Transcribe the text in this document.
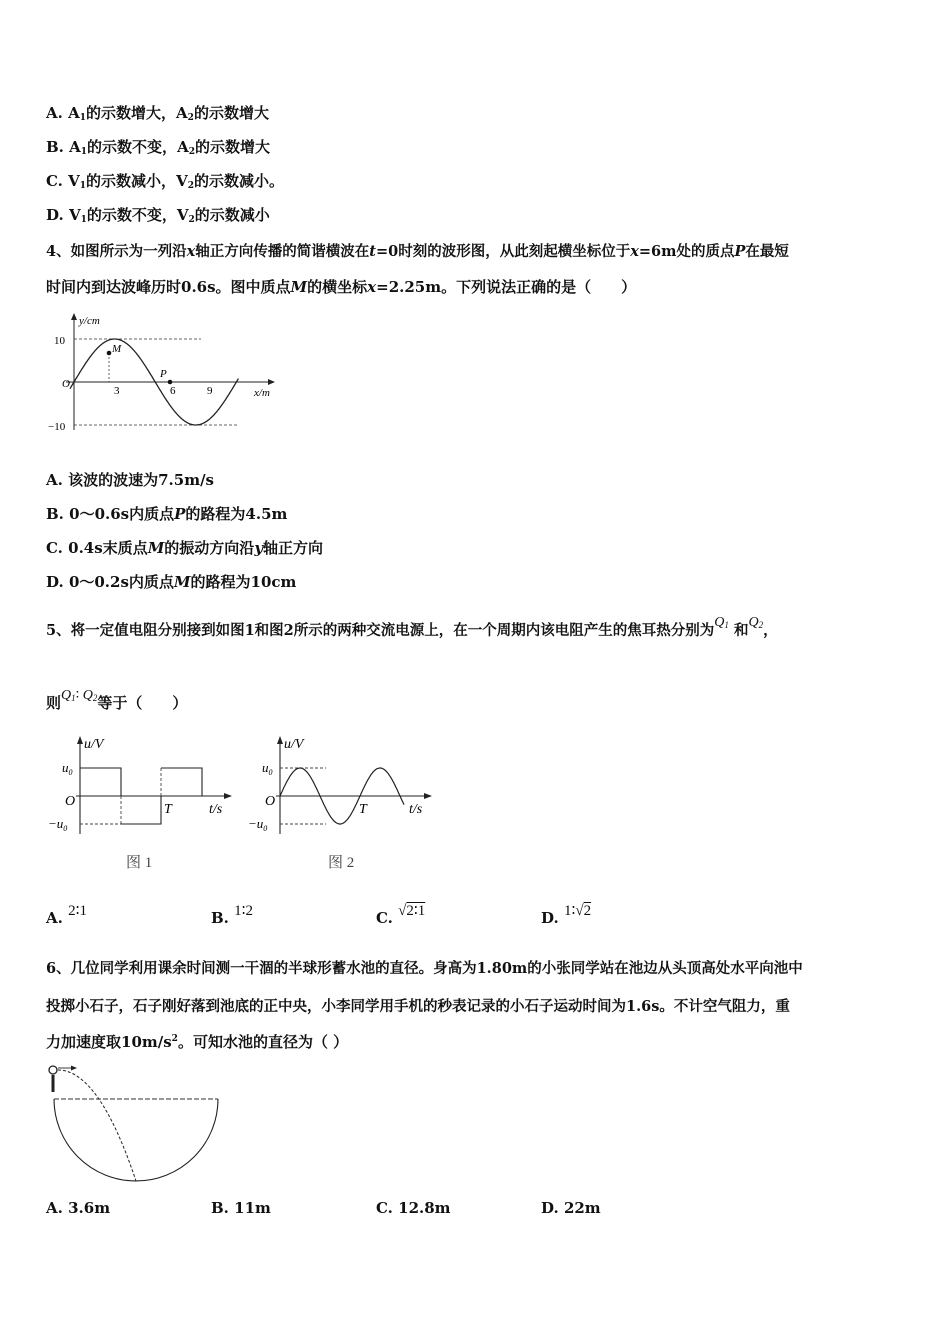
A. $A_1$的示数增大，$A_2$的示数增大
B. $A_1$的示数不变，$A_2$的示数增大
C. $V_1$的示数减小，$V_2$的示数减小。
D. $V_1$的示数不变，$V_2$的示数减小
4、如图所示为一列沿x轴正方向传播的简谐横波在t=0时刻的波形图，从此刻起横坐标位于x=6m处的质点P在最短
时间内到达波峰历时0.6s。图中质点M的横坐标x=2.25m。下列说法正确的是（　　）
y/cm
x/m
10
−10
O
M
P
3	6	9
A. 该波的波速为7.5m/s
B. 0～0.6s内质点P的路程为4.5m
C. 0.4s末质点M的振动方向沿y轴正方向
D. 0～0.2s内质点M的路程为10cm
5、将一定值电阻分别接到如图1和图2所示的两种交流电源上，在一个周期内该电阻产生的焦耳热分别为$Q_1$ 和$Q_2$，
则$Q_1∶$ $Q_2$等于（　　）
u/V
$u_0$
$-u_0$
O
T	t/s
图 1
u/V
$u_0$
$-u_0$
O
T	t/s
图 2
A. 2∶1	B. 1∶2	C. √2∶1	D. 1∶√2
6、几位同学利用课余时间测一干涸的半球形蓄水池的直径。身高为1.80m的小张同学站在池边从头顶高处水平向池中
投掷小石子，石子刚好落到池底的正中央，小李同学用手机的秒表记录的小石子运动时间为1.6s。不计空气阻力，重
力加速度取$10m/s^2$。可知水池的直径为（ ）
A. 3.6m	B. 11m	C. 12.8m	D. 22m
